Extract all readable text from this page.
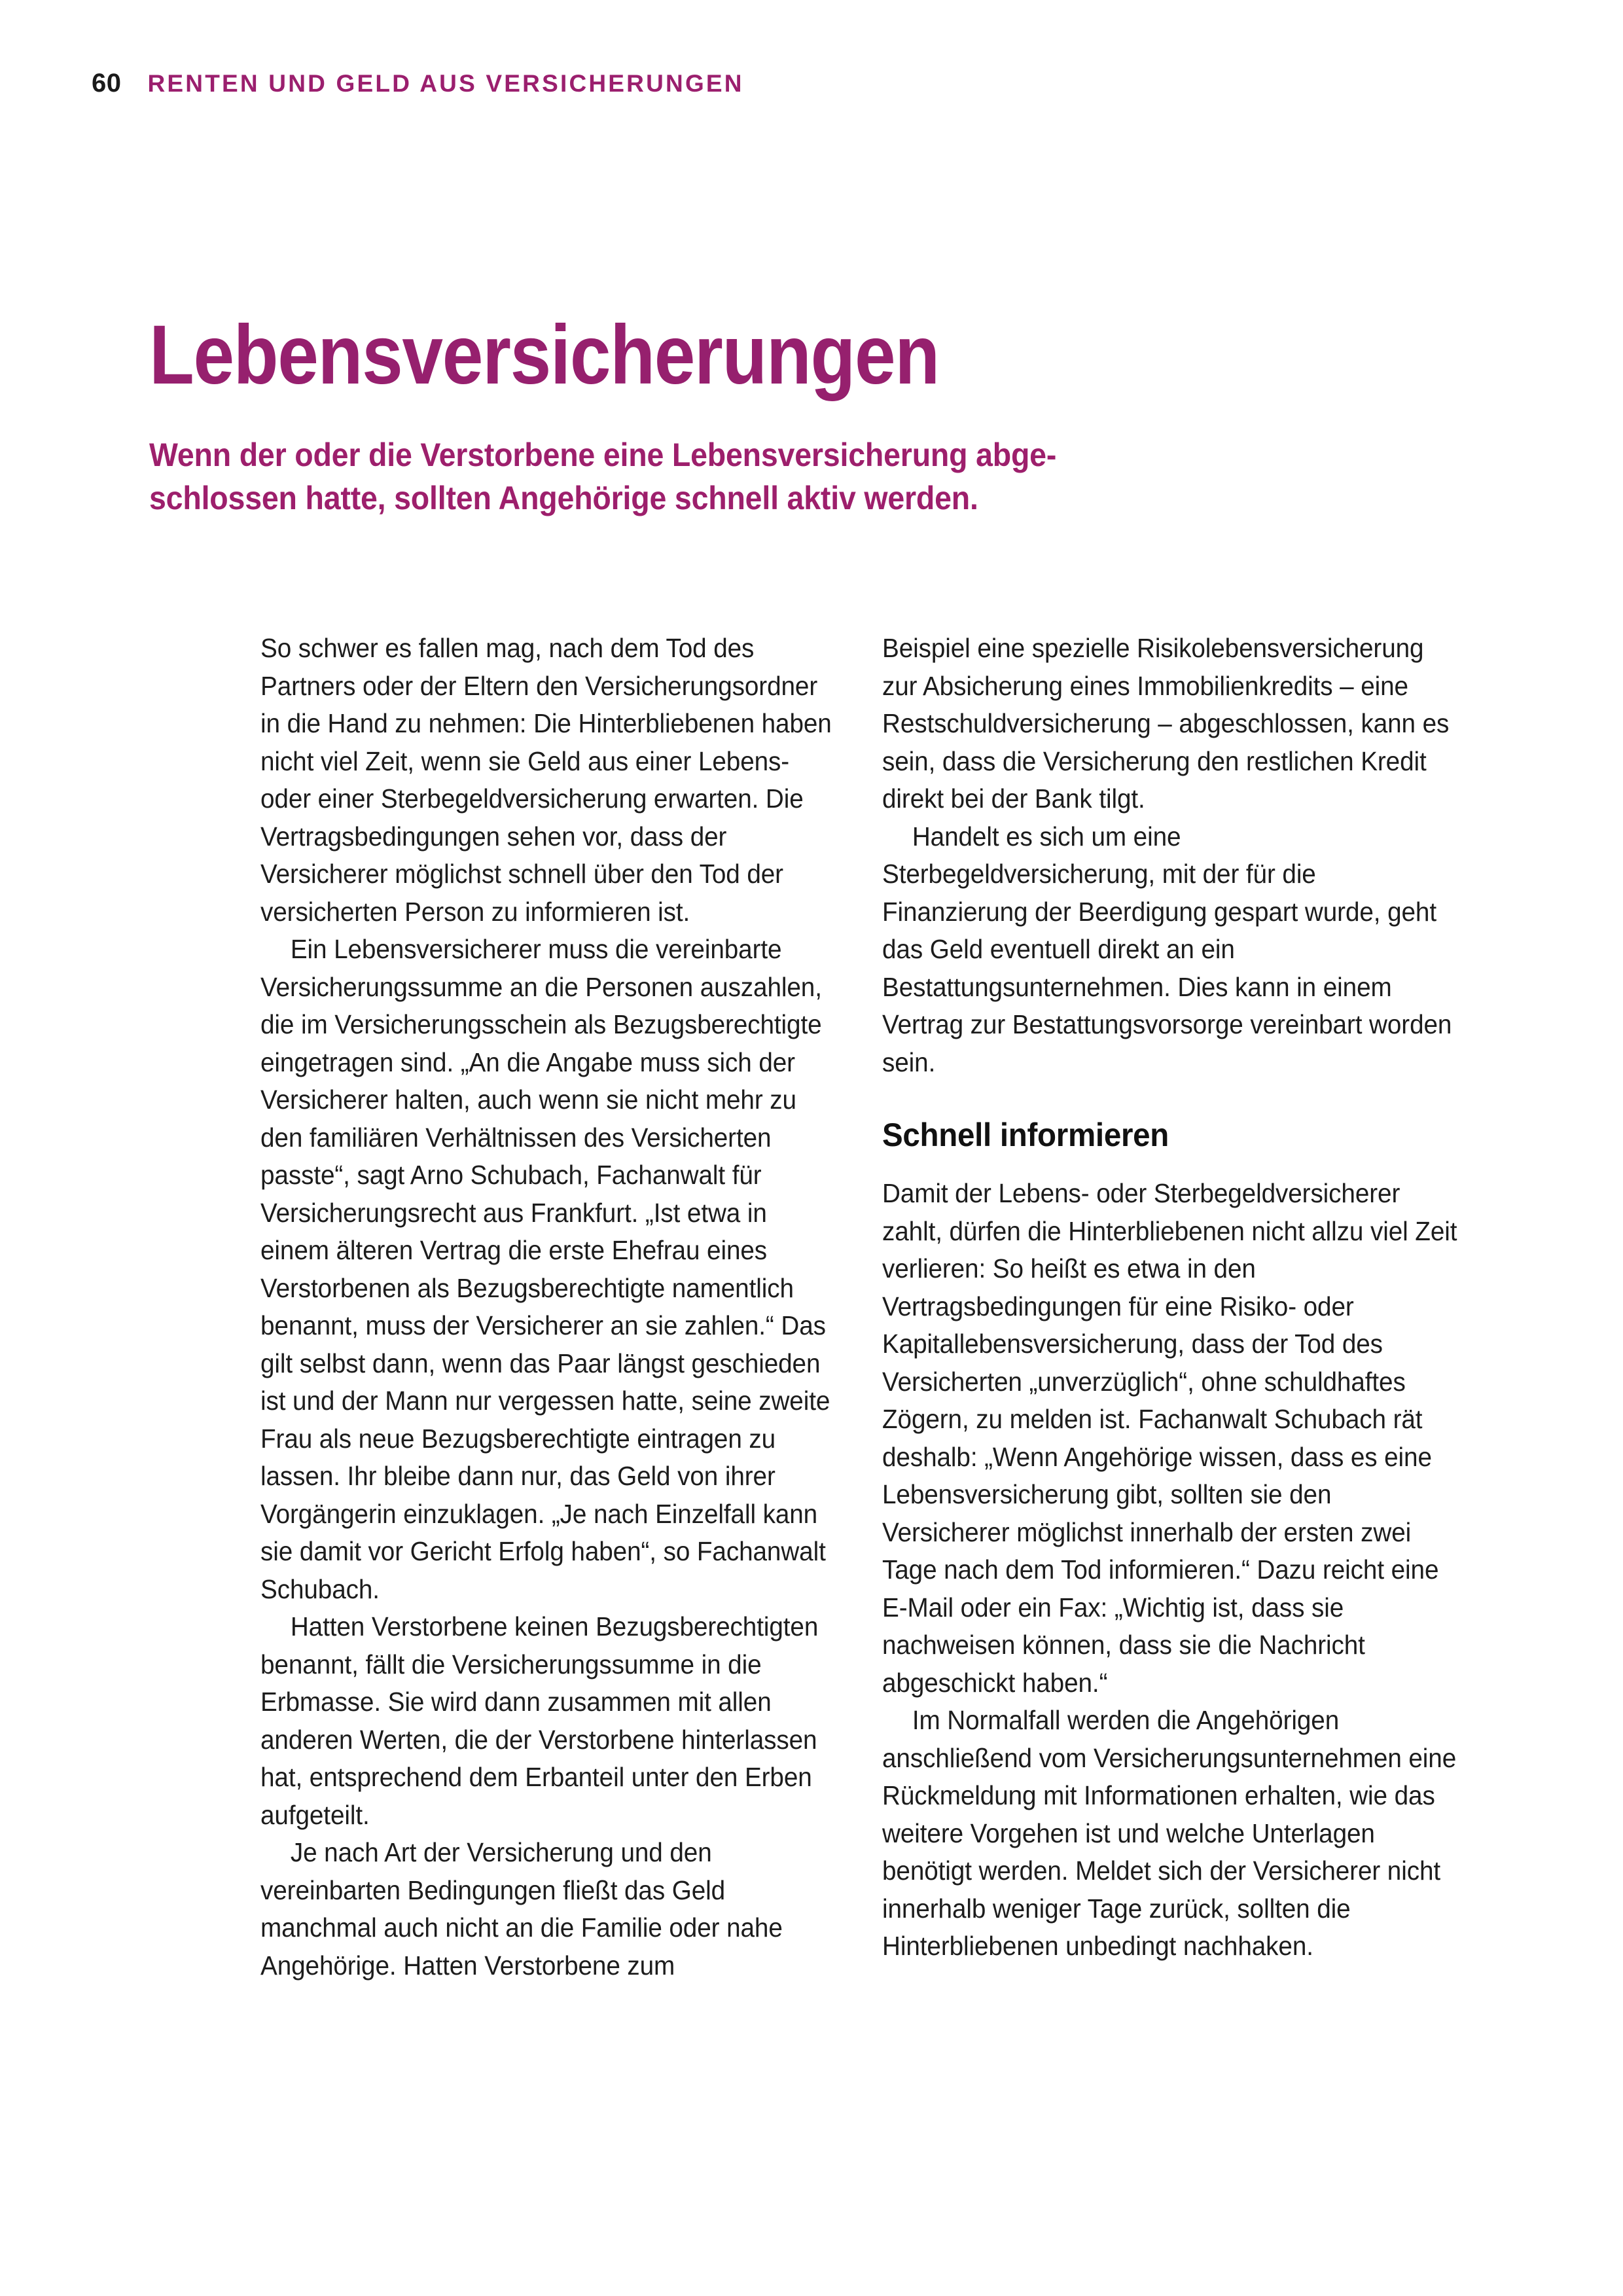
60 RENTEN UND GELD AUS VERSICHERUNGEN
Lebensversicherungen
Wenn der oder die Verstorbene eine Lebensversicherung abge-
schlossen hatte, sollten Angehörige schnell aktiv werden.

So schwer es fallen mag, nach dem Tod des Partners oder der Eltern den Versicherungsordner in die Hand zu nehmen: Die Hinterbliebenen haben nicht viel Zeit, wenn sie Geld aus einer Lebens- oder einer Sterbegeldversicherung erwarten. Die Vertragsbedingungen sehen vor, dass der Versicherer möglichst schnell über den Tod der versicherten Person zu informieren ist.

Ein Lebensversicherer muss die vereinbarte Versicherungssumme an die Personen auszahlen, die im Versicherungsschein als Bezugsberechtigte eingetragen sind. „An die Angabe muss sich der Versicherer halten, auch wenn sie nicht mehr zu den familiären Verhältnissen des Versicherten passte“, sagt Arno Schubach, Fachanwalt für Versicherungsrecht aus Frankfurt. „Ist etwa in einem älteren Vertrag die erste Ehefrau eines Verstorbenen als Bezugsberechtigte namentlich benannt, muss der Versicherer an sie zahlen.“ Das gilt selbst dann, wenn das Paar längst geschieden ist und der Mann nur vergessen hatte, seine zweite Frau als neue Bezugsberechtigte eintragen zu lassen. Ihr bleibe dann nur, das Geld von ihrer Vorgängerin einzuklagen. „Je nach Einzelfall kann sie damit vor Gericht Erfolg haben“, so Fachanwalt Schubach.

Hatten Verstorbene keinen Bezugsberechtigten benannt, fällt die Versicherungssumme in die Erbmasse. Sie wird dann zusammen mit allen anderen Werten, die der Verstorbene hinterlassen hat, entsprechend dem Erbanteil unter den Erben aufgeteilt.

Je nach Art der Versicherung und den vereinbarten Bedingungen fließt das Geld manchmal auch nicht an die Familie oder nahe Angehörige. Hatten Verstorbene zum

Beispiel eine spezielle Risikolebensversicherung zur Absicherung eines Immobilienkredits – eine Restschuldversicherung – abgeschlossen, kann es sein, dass die Versicherung den restlichen Kredit direkt bei der Bank tilgt.

Handelt es sich um eine Sterbegeldversicherung, mit der für die Finanzierung der Beerdigung gespart wurde, geht das Geld eventuell direkt an ein Bestattungsunternehmen. Dies kann in einem Vertrag zur Bestattungsvorsorge vereinbart worden sein.

Schnell informieren

Damit der Lebens- oder Sterbegeldversicherer zahlt, dürfen die Hinterbliebenen nicht allzu viel Zeit verlieren: So heißt es etwa in den Vertragsbedingungen für eine Risiko- oder Kapitallebensversicherung, dass der Tod des Versicherten „unverzüglich“, ohne schuldhaftes Zögern, zu melden ist. Fachanwalt Schubach rät deshalb: „Wenn Angehörige wissen, dass es eine Lebensversicherung gibt, sollten sie den Versicherer möglichst innerhalb der ersten zwei Tage nach dem Tod informieren.“ Dazu reicht eine E-Mail oder ein Fax: „Wichtig ist, dass sie nachweisen können, dass sie die Nachricht abgeschickt haben.“

Im Normalfall werden die Angehörigen anschließend vom Versicherungsunternehmen eine Rückmeldung mit Informationen erhalten, wie das weitere Vorgehen ist und welche Unterlagen benötigt werden. Meldet sich der Versicherer nicht innerhalb weniger Tage zurück, sollten die Hinterbliebenen unbedingt nachhaken.
